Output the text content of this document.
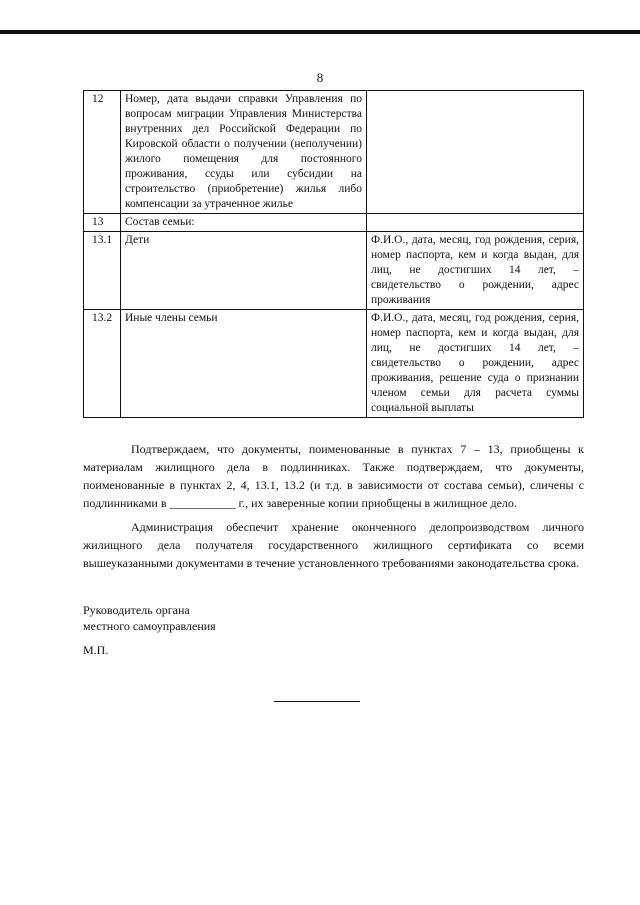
8
12	Номер, дата выдачи справки Управления по вопросам миграции Управления Министерства внутренних дел Российской Федерации по Кировской области о получении (неполучении) жилого помещения для постоянного проживания, ссуды или субсидии на строительство (приобретение) жилья либо компенсации за утраченное жилье	
13	Состав семьи:	
13.1	Дети	Ф.И.О., дата, месяц, год рождения, серия, номер паспорта, кем и когда выдан, для лиц, не достигших 14 лет, – свидетельство о рождении, адрес проживания
13.2	Иные члены семьи	Ф.И.О., дата, месяц, год рождения, серия, номер паспорта, кем и когда выдан, для лиц, не достигших 14 лет, – свидетельство о рождении, адрес проживания, решение суда о признании членом семьи для расчета суммы социальной выплаты

Подтверждаем, что документы, поименованные в пунктах 7 – 13, приобщены к материалам жилищного дела в подлинниках. Также подтверждаем, что документы, поименованные в пунктах 2, 4, 13.1, 13.2 (и т.д. в зависимости от состава семьи), сличены с подлинниками в ___________ г., их заверенные копии приобщены в жилищное дело.

Администрация обеспечит хранение оконченного делопроизводством личного жилищного дела получателя государственного жилищного сертификата со всеми вышеуказанными документами в течение установленного требованиями законодательства срока.

Руководитель органа
местного самоуправления
М.П.
